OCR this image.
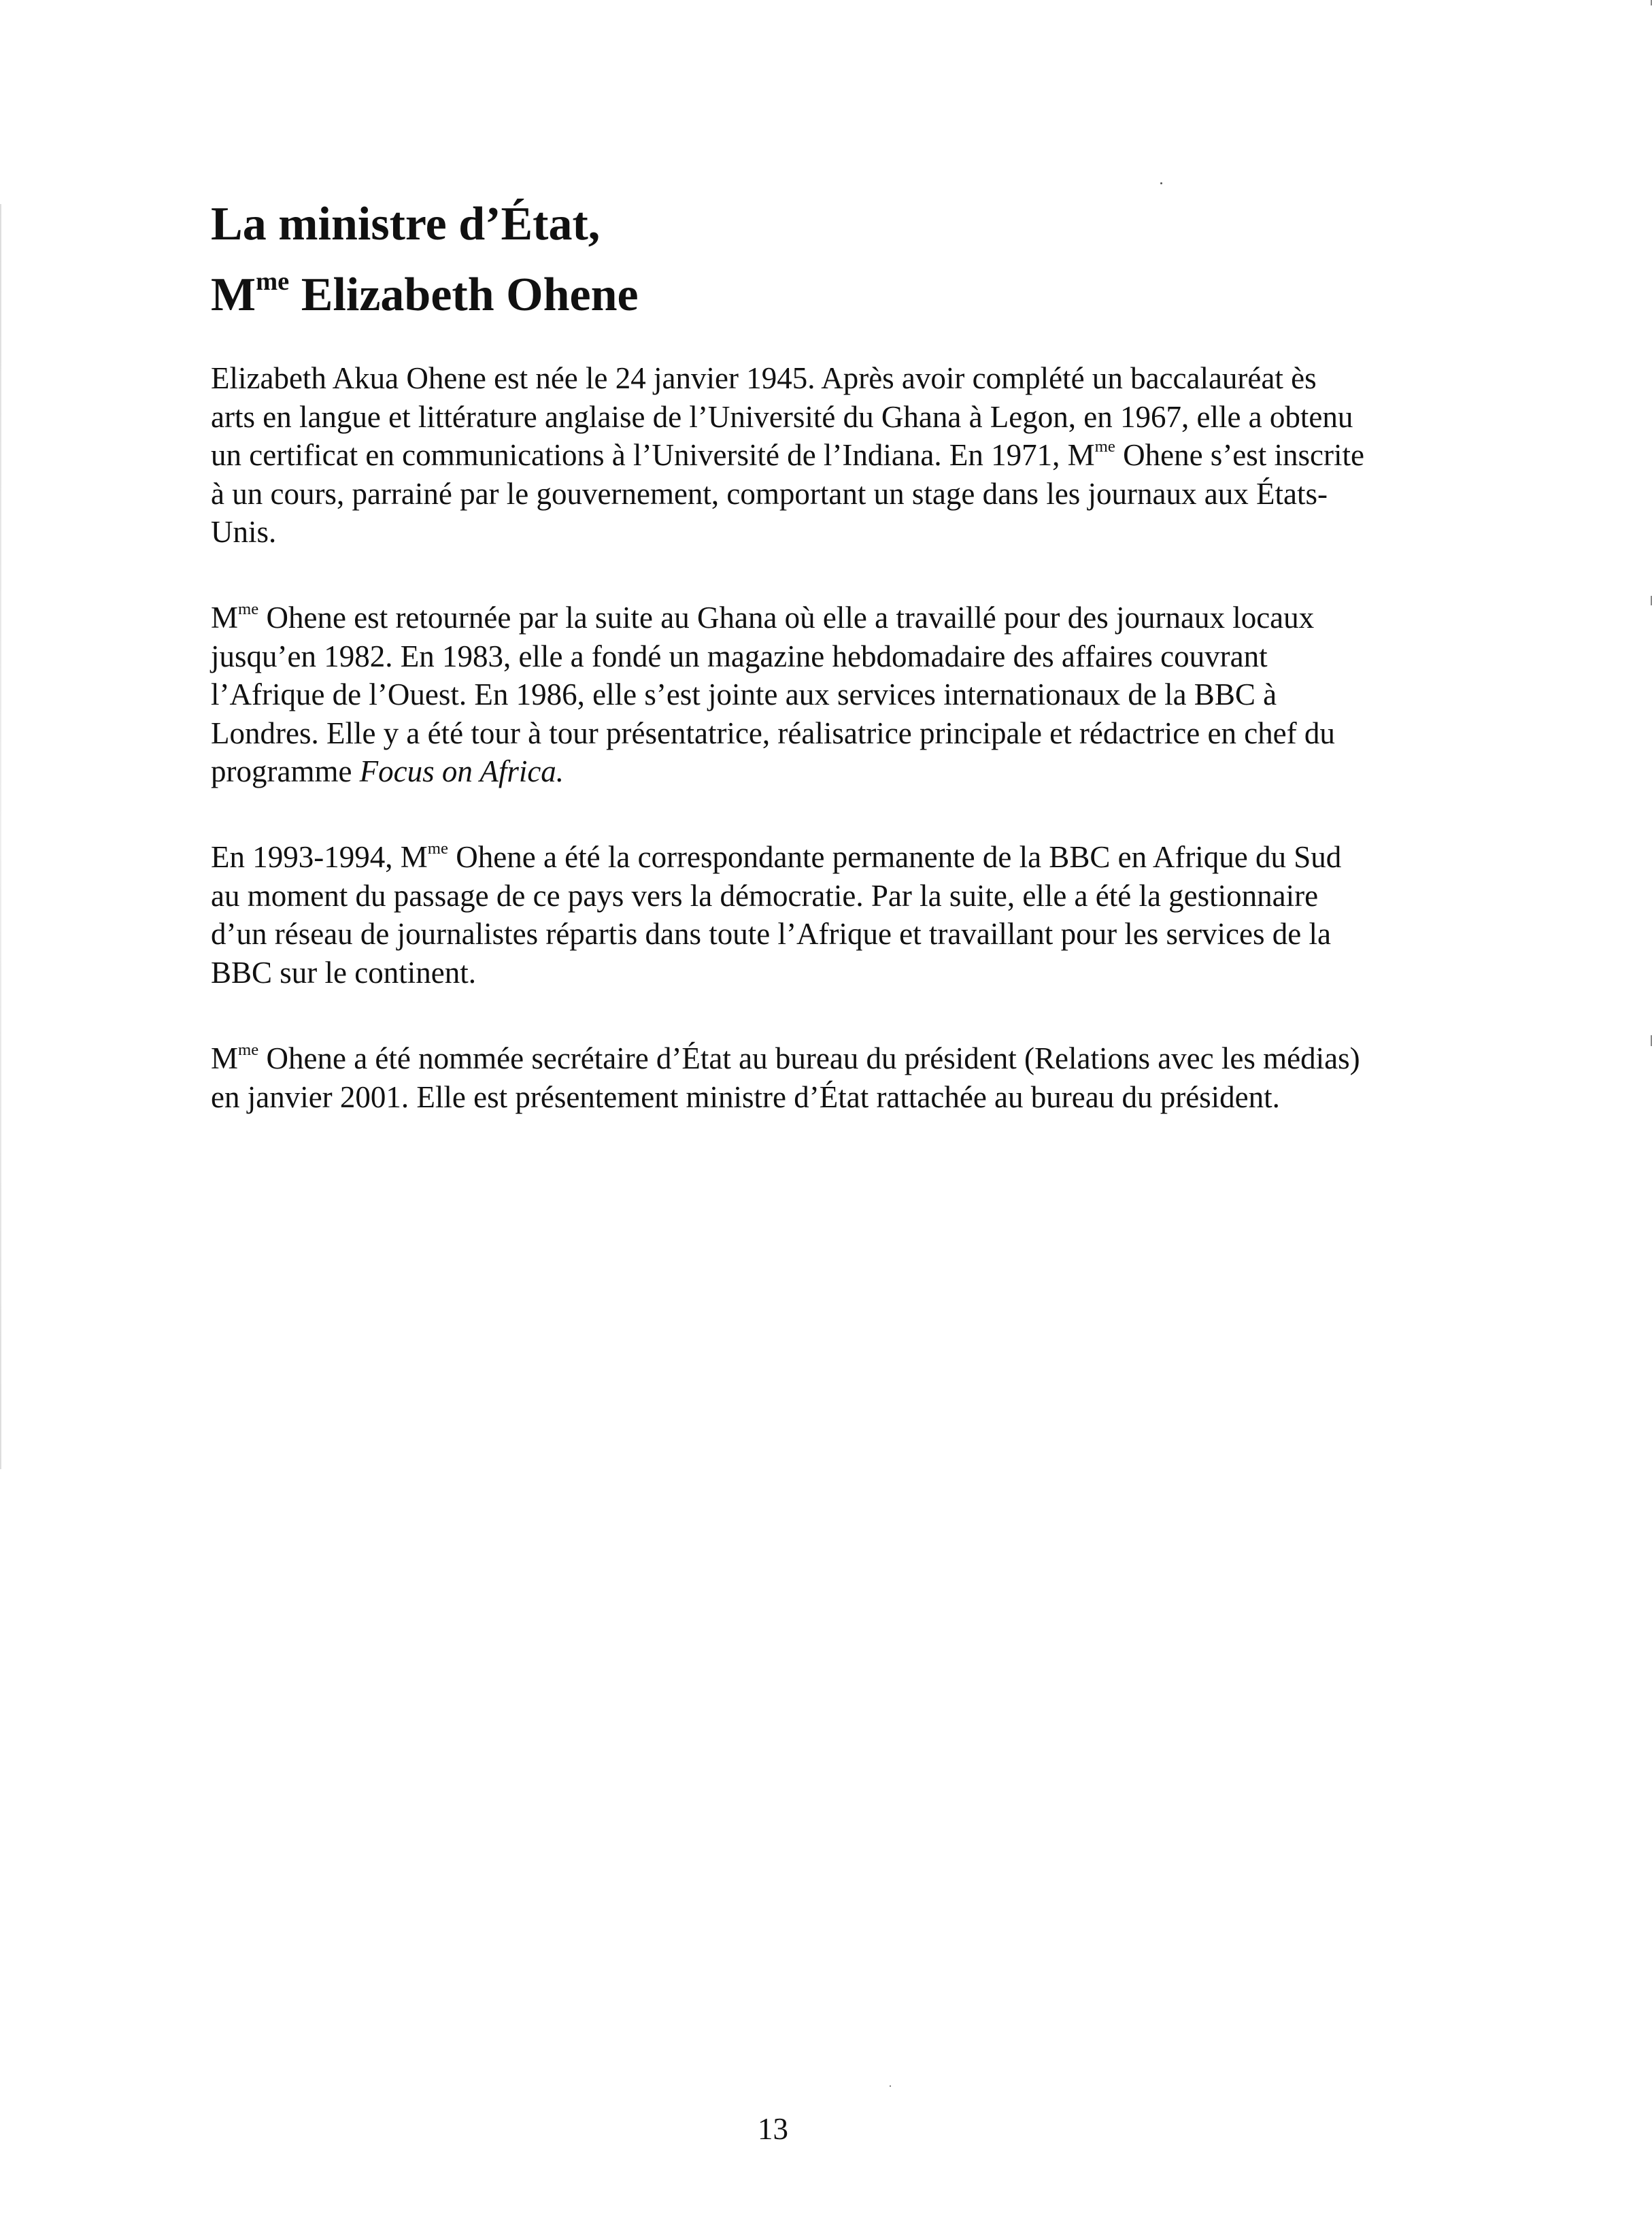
La ministre d’État,
$M^{me}$ Elizabeth Ohene

Elizabeth Akua Ohene est née le 24 janvier 1945. Après avoir complété un baccalauréat ès arts en langue et littérature anglaise de l’Université du Ghana à Legon, en 1967, elle a obtenu un certificat en communications à l’Université de l’Indiana. En 1971, $M^{me}$ Ohene s’est inscrite à un cours, parrainé par le gouvernement, comportant un stage dans les journaux aux États-Unis.

$M^{me}$ Ohene est retournée par la suite au Ghana où elle a travaillé pour des journaux locaux jusqu’en 1982. En 1983, elle a fondé un magazine hebdomadaire des affaires couvrant l’Afrique de l’Ouest. En 1986, elle s’est jointe aux services internationaux de la BBC à Londres. Elle y a été tour à tour présentatrice, réalisatrice principale et rédactrice en chef du programme Focus on Africa.

En 1993-1994, $M^{me}$ Ohene a été la correspondante permanente de la BBC en Afrique du Sud au moment du passage de ce pays vers la démocratie. Par la suite, elle a été la gestionnaire d’un réseau de journalistes répartis dans toute l’Afrique et travaillant pour les services de la BBC sur le continent.

$M^{me}$ Ohene a été nommée secrétaire d’État au bureau du président (Relations avec les médias) en janvier 2001. Elle est présentement ministre d’État rattachée au bureau du président.

13
